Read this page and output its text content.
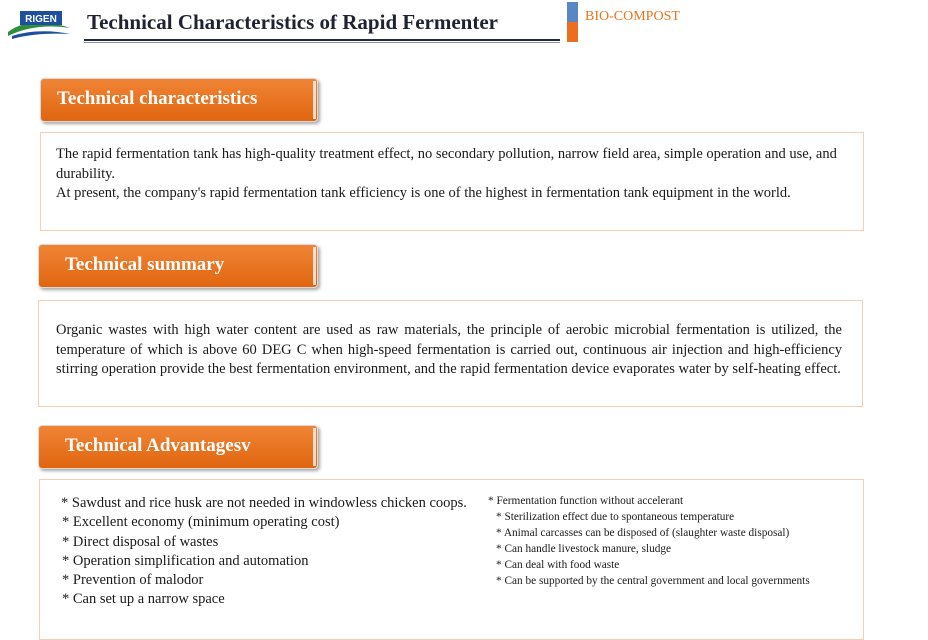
RIGEN Technical Characteristics of Rapid Fermenter	BIO-COMPOST
Technical characteristics
The rapid fermentation tank has high-quality treatment effect, no secondary pollution, narrow field area, simple operation and use, and durability.
At present, the company's rapid fermentation tank efficiency is one of the highest in fermentation tank equipment in the world.
Technical summary
Organic wastes with high water content are used as raw materials, the principle of aerobic microbial fermentation is utilized, the temperature of which is above 60 DEG C when high-speed fermentation is carried out, continuous air injection and high-efficiency stirring operation provide the best fermentation environment, and the rapid fermentation device evaporates water by self-heating effect.
Technical Advantagesv
* Sawdust and rice husk are not needed in windowless chicken coops.
* Excellent economy (minimum operating cost)
* Direct disposal of wastes
* Operation simplification and automation
* Prevention of malodor
* Can set up a narrow space
* Fermentation function without accelerant
* Sterilization effect due to spontaneous temperature
* Animal carcasses can be disposed of (slaughter waste disposal)
* Can handle livestock manure, sludge
* Can deal with food waste
* Can be supported by the central government and local governments
